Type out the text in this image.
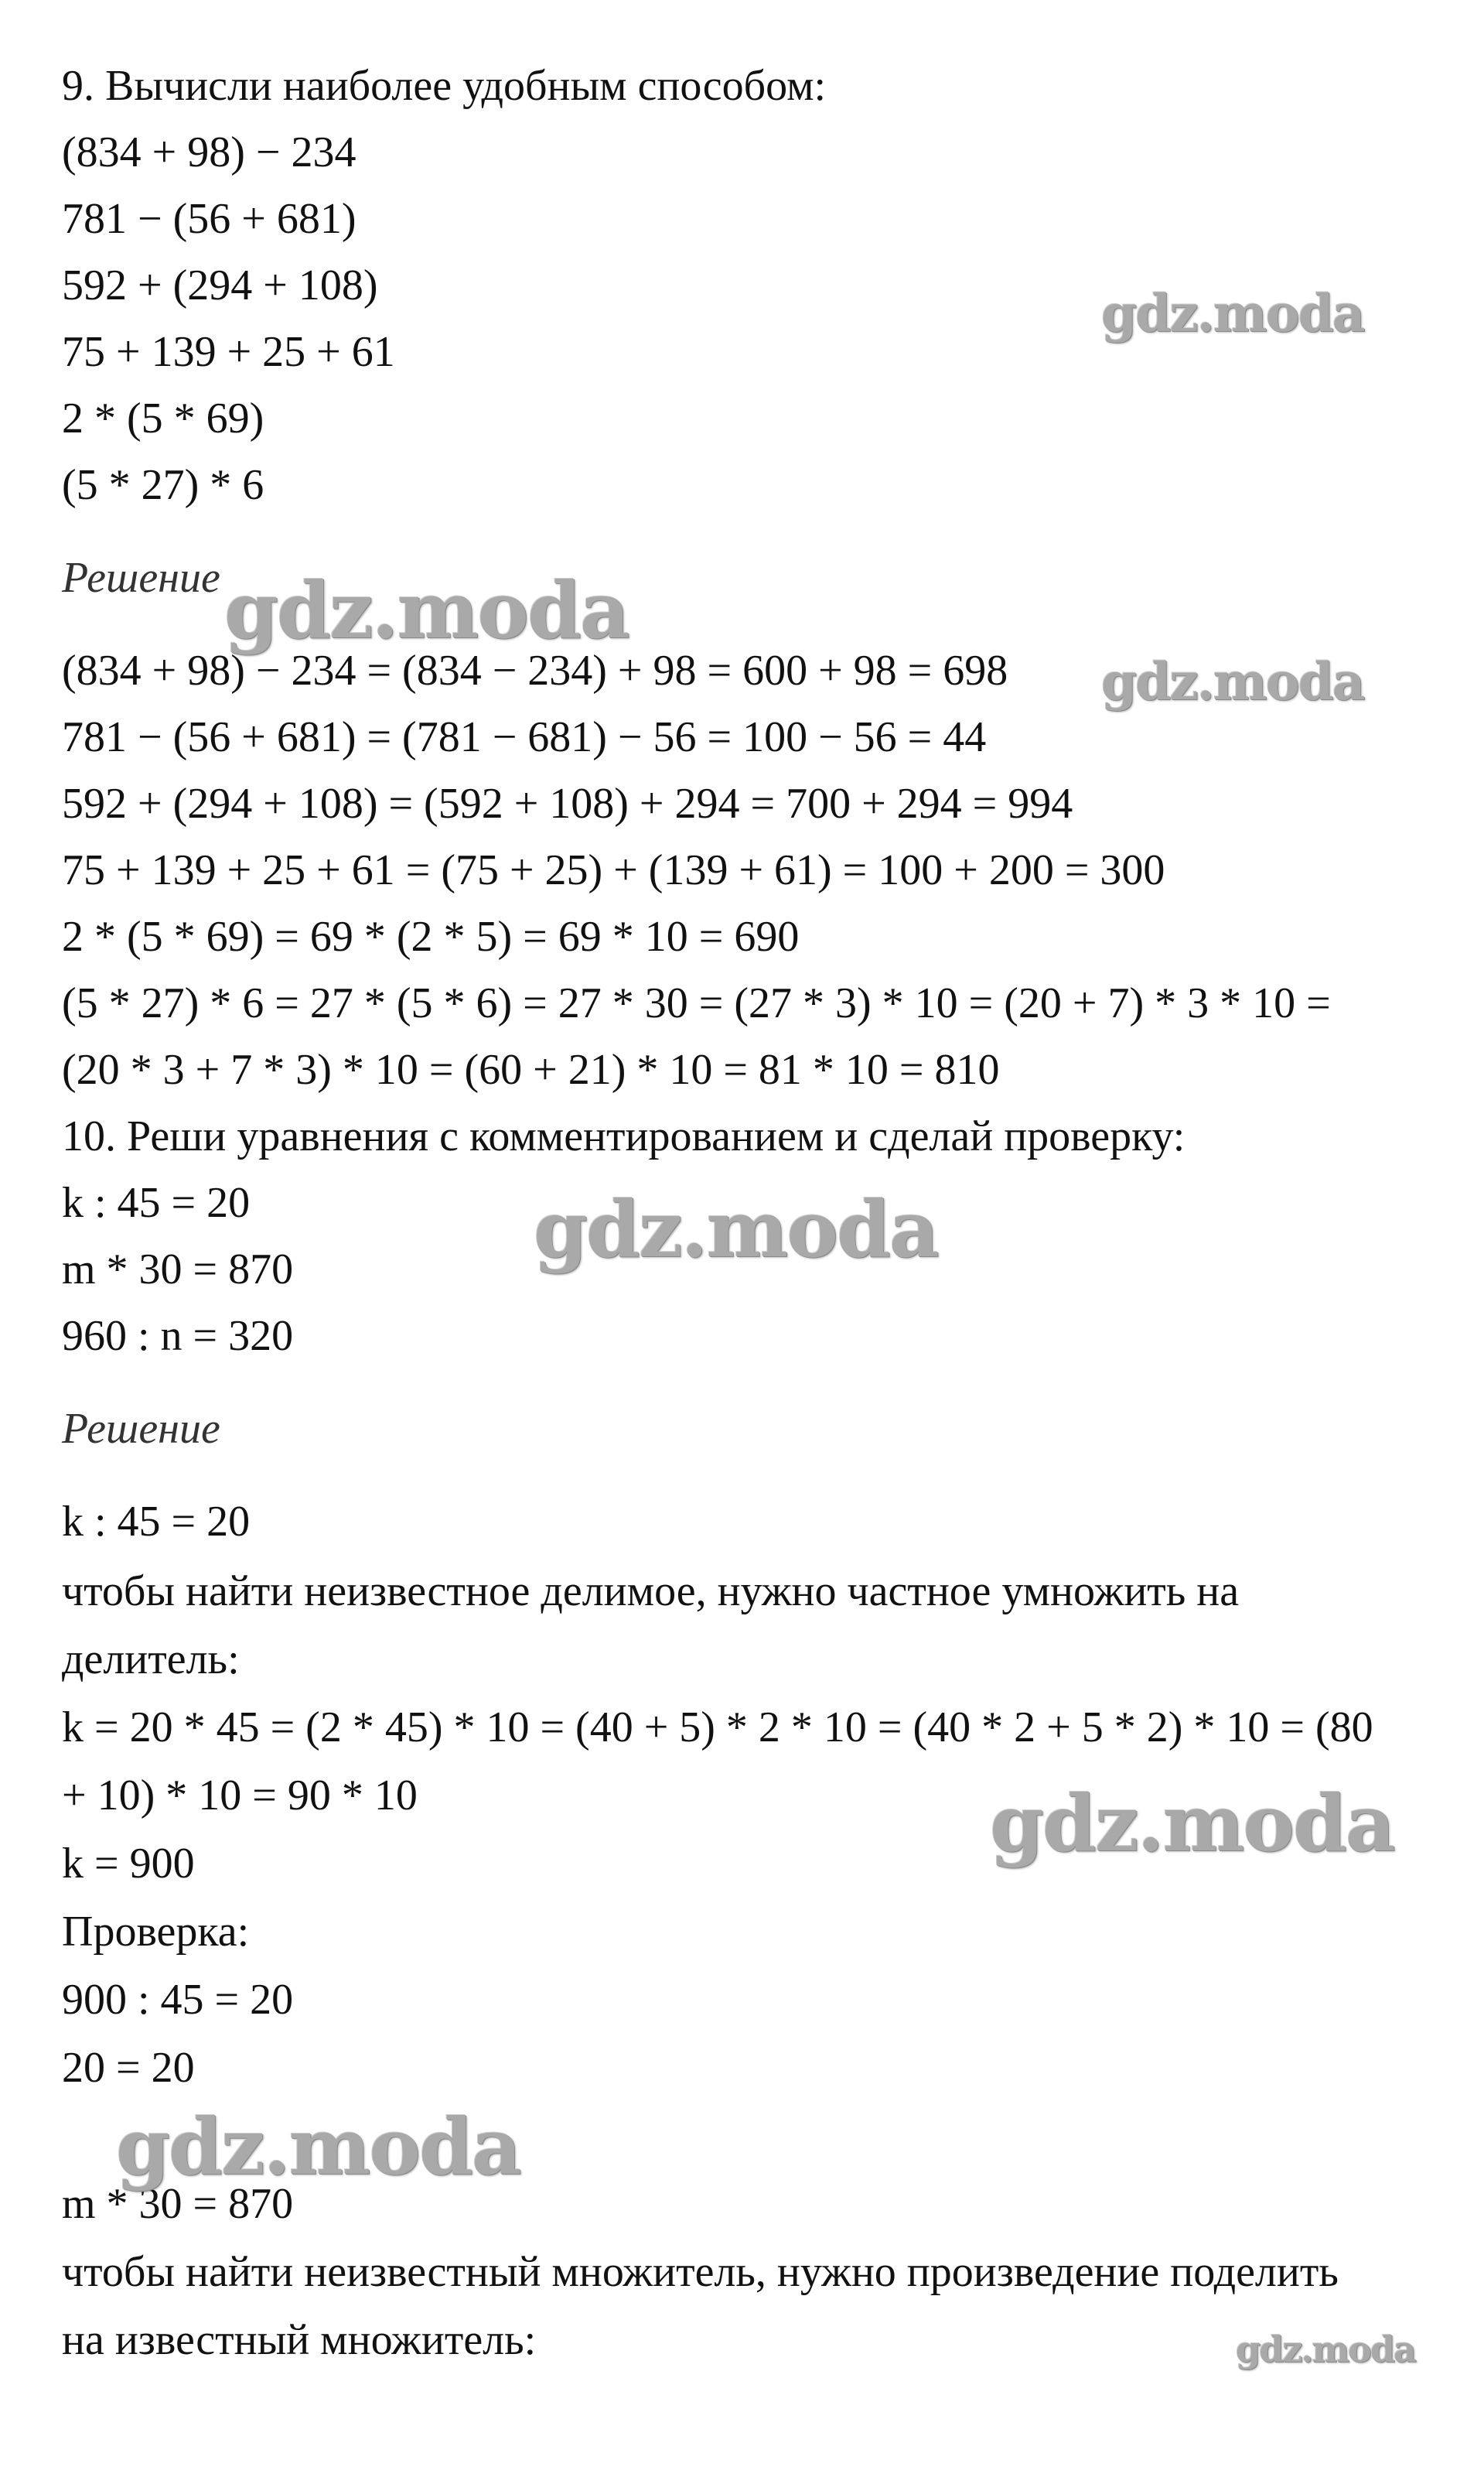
9. Вычисли наиболее удобным способом:
(834 + 98) − 234
781 − (56 + 681)
592 + (294 + 108)
75 + 139 + 25 + 61
2 * (5 * 69)
(5 * 27) * 6
Решение
(834 + 98) − 234 = (834 − 234) + 98 = 600 + 98 = 698
781 − (56 + 681) = (781 − 681) − 56 = 100 − 56 = 44
592 + (294 + 108) = (592 + 108) + 294 = 700 + 294 = 994
75 + 139 + 25 + 61 = (75 + 25) + (139 + 61) = 100 + 200 = 300
2 * (5 * 69) = 69 * (2 * 5) = 69 * 10 = 690
(5 * 27) * 6 = 27 * (5 * 6) = 27 * 30 = (27 * 3) * 10 = (20 + 7) * 3 * 10 =
(20 * 3 + 7 * 3) * 10 = (60 + 21) * 10 = 81 * 10 = 810
10. Реши уравнения с комментированием и сделай проверку:
k : 45 = 20
m * 30 = 870
960 : n = 320
Решение
k : 45 = 20
чтобы найти неизвестное делимое, нужно частное умножить на
делитель:
k = 20 * 45 = (2 * 45) * 10 = (40 + 5) * 2 * 10 = (40 * 2 + 5 * 2) * 10 = (80
+ 10) * 10 = 90 * 10
k = 900
Проверка:
900 : 45 = 20
20 = 20
m * 30 = 870
чтобы найти неизвестный множитель, нужно произведение поделить
на известный множитель:
gdz.moda
gdz.moda
gdz.moda
gdz.moda
gdz.moda
gdz.moda
gdz.moda
